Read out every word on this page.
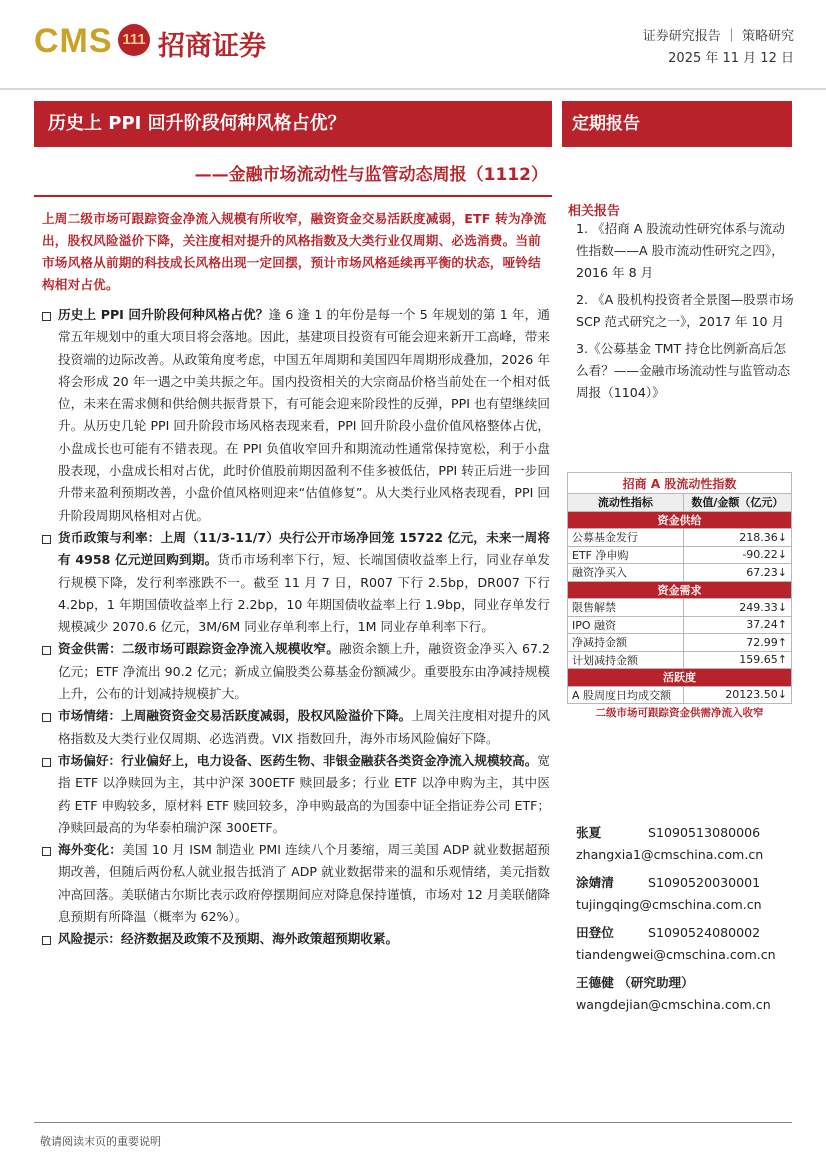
CMS 111 招商证券	证券研究报告 ｜ 策略研究
2025 年 11 月 12 日
历史上 PPI 回升阶段何种风格占优？	定期报告
——金融市场流动性与监管动态周报（1112）
上周二级市场可跟踪资金净流入规模有所收窄，融资资金交易活跃度减弱，ETF 转为净流出，股权风险溢价下降，关注度相对提升的风格指数及大类行业仅周期、必选消费。当前市场风格从前期的科技成长风格出现一定回摆，预计市场风格延续再平衡的状态，哑铃结构相对占优。
历史上 PPI 回升阶段何种风格占优？逢 6 逢 1 的年份是每一个 5 年规划的第 1 年，通常五年规划中的重大项目将会落地。因此，基建项目投资有可能会迎来新开工高峰，带来投资端的边际改善。从政策角度考虑，中国五年周期和美国四年周期形成叠加，2026 年将会形成 20 年一遇之中美共振之年。国内投资相关的大宗商品价格当前处在一个相对低位，未来在需求侧和供给侧共振背景下，有可能会迎来阶段性的反弹，PPI 也有望继续回升。从历史几轮 PPI 回升阶段市场风格表现来看，PPI 回升阶段小盘价值风格整体占优，小盘成长也可能有不错表现。在 PPI 负值收窄回升和期流动性通常保持宽松，利于小盘股表现，小盘成长相对占优，此时价值股前期因盈利不佳多被低估，PPI 转正后进一步回升带来盈利预期改善，小盘价值风格则迎来“估值修复”。从大类行业风格表现看，PPI 回升阶段周期风格相对占优。
货币政策与利率：上周（11/3-11/7）央行公开市场净回笼 15722 亿元，未来一周将有 4958 亿元逆回购到期。货币市场利率下行，短、长端国债收益率上行，同业存单发行规模下降，发行利率涨跌不一。截至 11 月 7 日，R007 下行 2.5bp，DR007 下行 4.2bp，1 年期国债收益率上行 2.2bp，10 年期国债收益率上行 1.9bp，同业存单发行规模减少 2070.6 亿元，3M/6M 同业存单利率上行，1M 同业存单利率下行。
资金供需：二级市场可跟踪资金净流入规模收窄。融资余额上升，融资资金净买入 67.2 亿元；ETF 净流出 90.2 亿元；新成立偏股类公募基金份额减少。重要股东由净减持规模上升，公布的计划减持规模扩大。
市场情绪：上周融资资金交易活跃度减弱，股权风险溢价下降。上周关注度相对提升的风格指数及大类行业仅周期、必选消费。VIX 指数回升，海外市场风险偏好下降。
市场偏好：行业偏好上，电力设备、医药生物、非银金融获各类资金净流入规模较高。宽指 ETF 以净赎回为主，其中沪深 300ETF 赎回最多；行业 ETF 以净申购为主，其中医药 ETF 申购较多，原材料 ETF 赎回较多，净申购最高的为国泰中证全指证券公司 ETF；净赎回最高的为华泰柏瑞沪深 300ETF。
海外变化：美国 10 月 ISM 制造业 PMI 连续八个月萎缩，周三美国 ADP 就业数据超预期改善，但随后两份私人就业报告抵消了 ADP 就业数据带来的温和乐观情绪，美元指数冲高回落。美联储古尔斯比表示政府停摆期间应对降息保持谨慎，市场对 12 月美联储降息预期有所降温（概率为 62%）。
风险提示：经济数据及政策不及预期、海外政策超预期收紧。
相关报告
1. 《招商 A 股流动性研究体系与流动性指数——A 股市流动性研究之四》，2016 年 8 月
2. 《A 股机构投资者全景图—股票市场 SCP 范式研究之一》，2017 年 10 月
3.《公募基金 TMT 持仓比例新高后怎么看？——金融市场流动性与监管动态周报（1104）》
招商 A 股流动性指数	
流动性指标	数值/金额（亿元）
资金供给	
公募基金发行	218.36↓
ETF 净申购	-90.22↓
融资净买入	67.23↓
资金需求	
限售解禁	249.33↓
IPO 融资	37.24↑
净减持金额	72.99↑
计划减持金额	159.65↑
活跃度	
A 股周度日均成交额	20123.50↓
二级市场可跟踪资金供需净流入收窄	
张夏	S1090513080006
zhangxia1@cmschina.com.cn
涂婧清	S1090520030001
tujingqing@cmschina.com.cn
田登位	S1090524080002
tiandengwei@cmschina.com.cn
王德健 （研究助理）
wangdejian@cmschina.com.cn
敬请阅读末页的重要说明
